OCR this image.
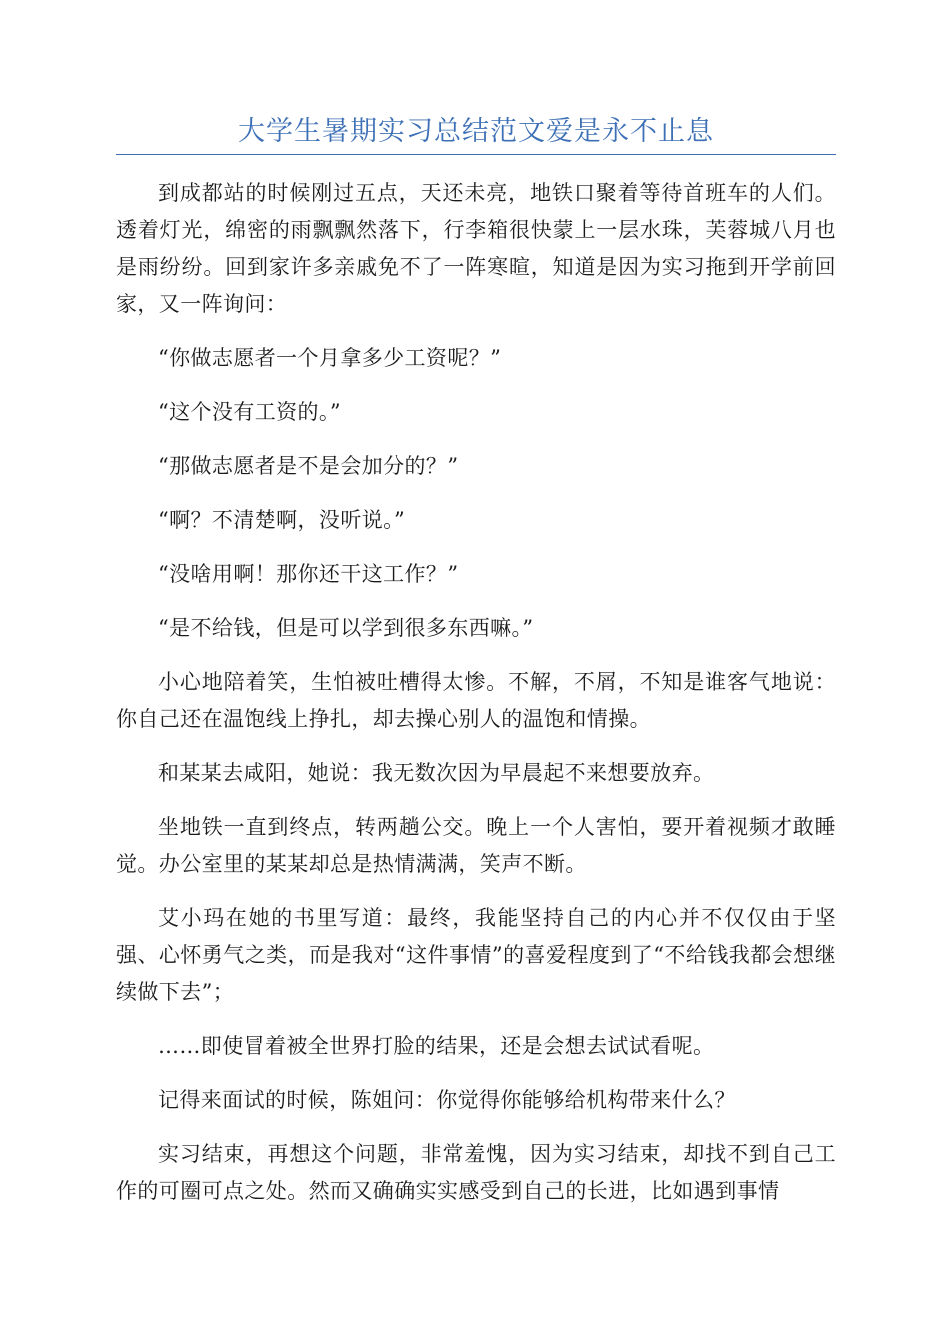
大学生暑期实习总结范文爱是永不止息

到成都站的时候刚过五点，天还未亮，地铁口聚着等待首班车的人们。透着灯光，绵密的雨飘飘然落下，行李箱很快蒙上一层水珠，芙蓉城八月也是雨纷纷。回到家许多亲戚免不了一阵寒暄，知道是因为实习拖到开学前回家，又一阵询问：

“你做志愿者一个月拿多少工资呢？”

“这个没有工资的。”

“那做志愿者是不是会加分的？”

“啊？不清楚啊，没听说。”

“没啥用啊！那你还干这工作？”

“是不给钱，但是可以学到很多东西嘛。”

小心地陪着笑，生怕被吐槽得太惨。不解，不屑，不知是谁客气地说：你自己还在温饱线上挣扎，却去操心别人的温饱和情操。

和某某去咸阳，她说：我无数次因为早晨起不来想要放弃。

坐地铁一直到终点，转两趟公交。晚上一个人害怕，要开着视频才敢睡觉。办公室里的某某却总是热情满满，笑声不断。

艾小玛在她的书里写道：最终，我能坚持自己的内心并不仅仅由于坚强、心怀勇气之类，而是我对“这件事情”的喜爱程度到了“不给钱我都会想继续做下去”；

……即使冒着被全世界打脸的结果，还是会想去试试看呢。

记得来面试的时候，陈姐问：你觉得你能够给机构带来什么？

实习结束，再想这个问题，非常羞愧，因为实习结束，却找不到自己工作的可圈可点之处。然而又确确实实感受到自己的长进，比如遇到事情
